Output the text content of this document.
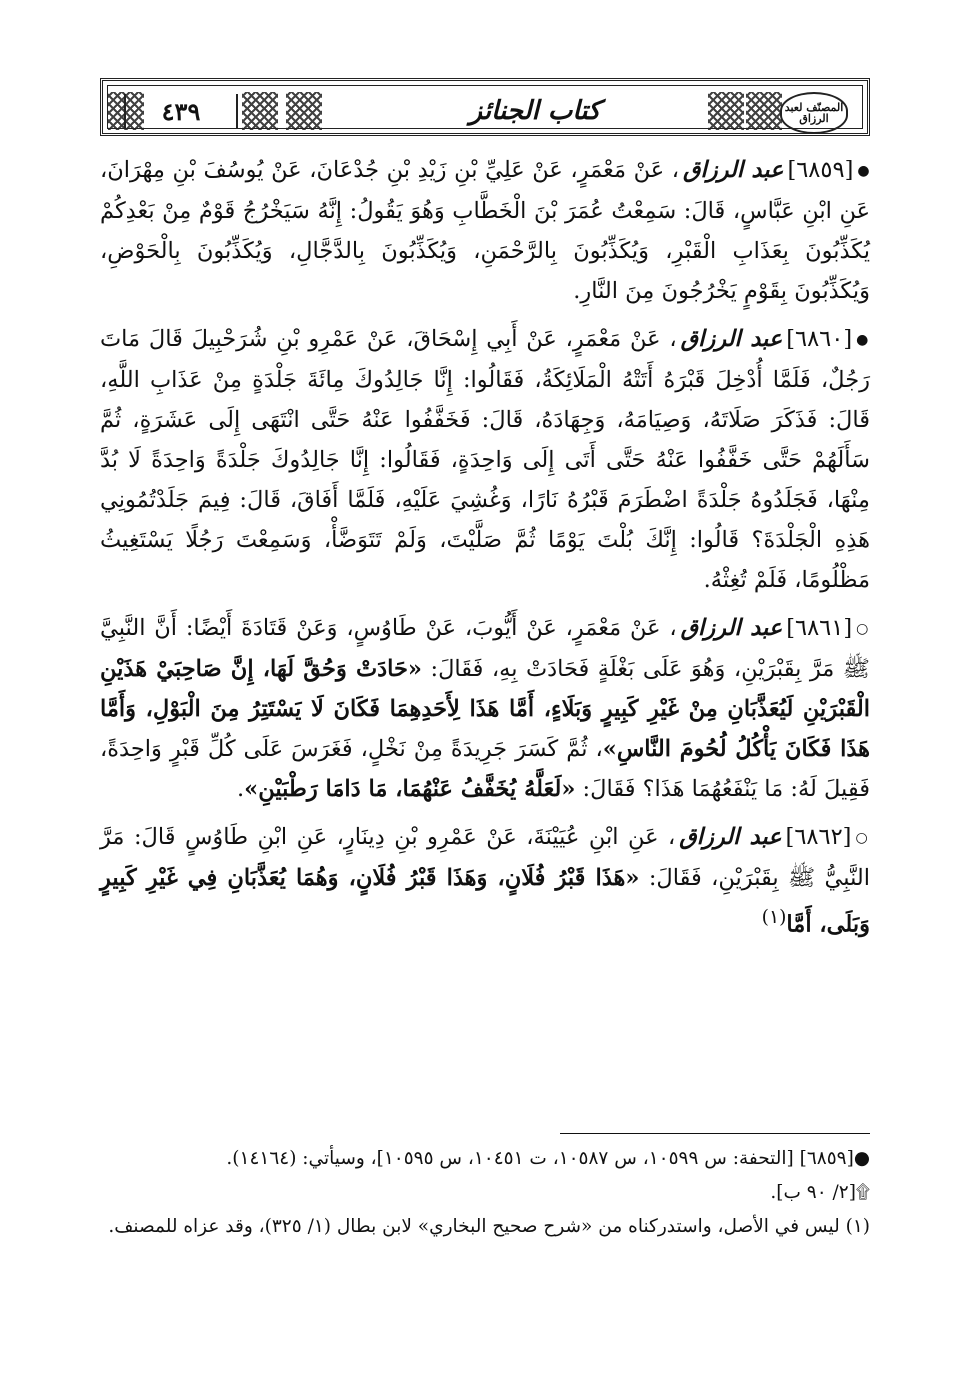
٤٣٩	كتاب الجنائز	المصنّف لعبد الرزاق

●[٦٨٥٩]عبد الرزاق، عَنْ مَعْمَرٍ، عَنْ عَلِيِّ بْنِ زَيْدِ بْنِ جُدْعَانَ، عَنْ يُوسُفَ بْنِ مِهْرَانَ، عَنِ ابْنِ عَبَّاسٍ، قَالَ: سَمِعْتُ عُمَرَ بْنَ الْخَطَّابِ وَهُوَ يَقُولُ: إِنَّهُ سَيَخْرُجُ قَوْمٌ مِنْ بَعْدِكُمْ يُكَذِّبُونَ بِعَذَابِ الْقَبْرِ، وَيُكَذِّبُونَ بِالرَّحْمَنِ، وَيُكَذِّبُونَ بِالدَّجَّالِ، وَيُكَذِّبُونَ بِالْحَوْضِ، وَيُكَذِّبُونَ بِقَوْمٍ يَخْرُجُونَ مِنَ النَّارِ.

●[٦٨٦٠]عبد الرزاق، عَنْ مَعْمَرٍ، عَنْ أَبِي إِسْحَاقَ، عَنْ عَمْرِو بْنِ شُرَحْبِيلَ قَالَ مَاتَ رَجُلٌ، فَلَمَّا أُدْخِلَ قَبْرَهُ أَتَتْهُ الْمَلَائِكَةُ، فَقَالُوا: إِنَّا جَالِدُوكَ مِائَةَ جَلْدَةٍ مِنْ عَذَابِ اللَّهِ، قَالَ: فَذَكَرَ صَلَاتَهُ، وَصِيَامَهُ، وَجِهَادَهُ، قَالَ: فَخَفَّفُوا عَنْهُ حَتَّى انْتَهَى إِلَى عَشَرَةٍ، ثُمَّ سَأَلَهُمْ حَتَّى خَفَّفُوا عَنْهُ حَتَّى أَتَى إِلَى وَاحِدَةٍ، فَقَالُوا: إِنَّا جَالِدُوكَ جَلْدَةً وَاحِدَةً لَا بُدَّ مِنْهَا، فَجَلَدُوهُ جَلْدَةً اضْطَرَمَ قَبْرُهُ نَارًا، وَغُشِيَ عَلَيْهِ، فَلَمَّا أَفَاقَ، قَالَ: فِيمَ جَلَدْتُمُونِي هَذِهِ الْجَلْدَةَ؟ قَالُوا: إِنَّكَ بُلْتَ يَوْمًا ثُمَّ صَلَّيْتَ، وَلَمْ تَتَوَضَّأْ، وَسَمِعْتَ رَجُلًا يَسْتَغِيثُ مَظْلُومًا، فَلَمْ تُغِثْهُ.

○[٦٨٦١]عبد الرزاق، عَنْ مَعْمَرٍ، عَنْ أَيُّوبَ، عَنْ طَاوُسٍ، وَعَنْ قَتَادَةَ أَيْضًا: أَنَّ النَّبِيَّ ﷺ مَرَّ بِقَبْرَيْنِ، وَهُوَ عَلَى بَغْلَةٍ فَحَادَتْ بِهِ، فَقَالَ: «حَادَتْ وَحُقَّ لَهَا، إِنَّ صَاحِبَيْ هَذَيْنِ الْقَبْرَيْنِ لَيُعَذَّبَانِ مِنْ غَيْرِ كَبِيرٍ وَبَلَاءٍ، أَمَّا هَذَا لِأَحَدِهِمَا فَكَانَ لَا يَسْتَتِرُ مِنَ الْبَوْلِ، وَأَمَّا هَذَا فَكَانَ يَأْكُلُ لُحُومَ النَّاسِ»، ثُمَّ كَسَرَ جَرِيدَةً مِنْ نَخْلٍ، فَغَرَسَ عَلَى كُلِّ قَبْرٍ وَاحِدَةً، فَقِيلَ لَهُ: مَا يَنْفَعُهُمَا هَذَا؟ فَقَالَ: «لَعَلَّهُ يُخَفَّفُ عَنْهُمَا، مَا دَامَا رَطْبَيْنِ».

○[٦٨٦٢]عبد الرزاق، عَنِ ابْنِ عُيَيْنَةَ، عَنْ عَمْرِو بْنِ دِينَارٍ، عَنِ ابْنِ طَاوُسٍ قَالَ: مَرَّ النَّبِيُّ ﷺ بِقَبْرَيْنِ، فَقَالَ: «هَذَا قَبْرُ فُلَانٍ، وَهَذَا قَبْرُ فُلَانٍ، وَهُمَا يُعَذَّبَانِ فِي غَيْرِ كَبِيرٍ وَبَلَى، أَمَّا$^{(١)}$

●[٦٨٥٩] [التحفة: س ١٠٥٩٩، س ١٠٥٨٧، ت ١٠٤٥١، س ١٠٥٩٥]، وسيأتي: (١٤١٦٤).

۩[٢/ ٩٠ ب].

(١) ليس في الأصل، واستدركناه من «شرح صحيح البخاري» لابن بطال (١/ ٣٢٥)، وقد عزاه للمصنف.
